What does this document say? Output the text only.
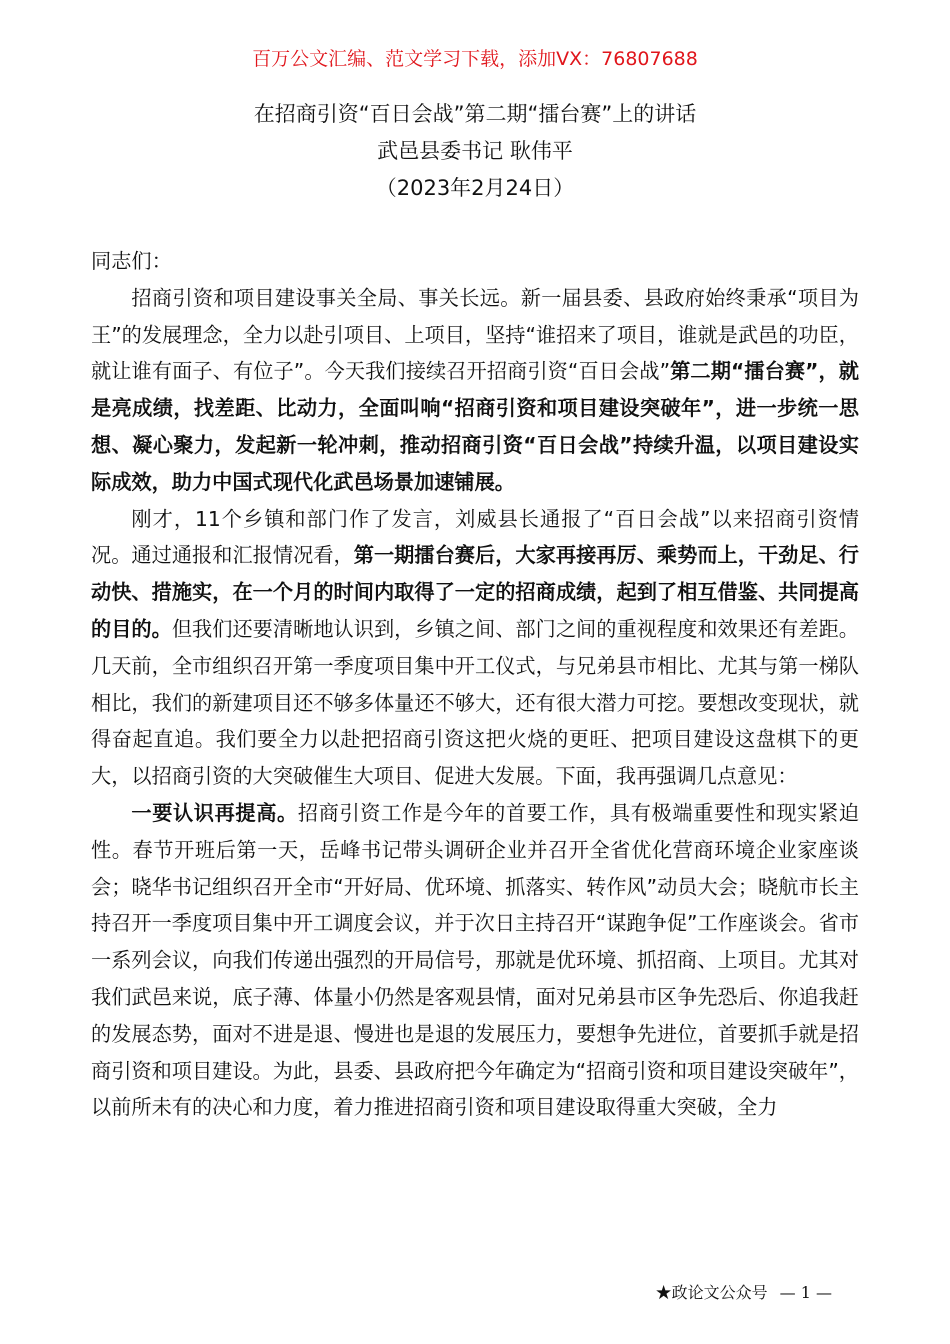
百万公文汇编、范文学习下载，添加VX：76807688
在招商引资“百日会战”第二期“擂台赛”上的讲话
武邑县委书记 耿伟平
（2023年2月24日）

同志们：

招商引资和项目建设事关全局、事关长远。新一届县委、县政府始终秉承“项目为王”的发展理念，全力以赴引项目、上项目，坚持“谁招来了项目，谁就是武邑的功臣，就让谁有面子、有位子”。今天我们接续召开招商引资“百日会战”第二期“擂台赛”，就是亮成绩，找差距、比动力，全面叫响“招商引资和项目建设突破年”，进一步统一思想、凝心聚力，发起新一轮冲刺，推动招商引资“百日会战”持续升温，以项目建设实际成效，助力中国式现代化武邑场景加速铺展。

刚才，11个乡镇和部门作了发言，刘威县长通报了“百日会战”以来招商引资情况。通过通报和汇报情况看，第一期擂台赛后，大家再接再厉、乘势而上，干劲足、行动快、措施实，在一个月的时间内取得了一定的招商成绩，起到了相互借鉴、共同提高的目的。但我们还要清晰地认识到，乡镇之间、部门之间的重视程度和效果还有差距。几天前，全市组织召开第一季度项目集中开工仪式，与兄弟县市相比、尤其与第一梯队相比，我们的新建项目还不够多体量还不够大，还有很大潜力可挖。要想改变现状，就得奋起直追。我们要全力以赴把招商引资这把火烧的更旺、把项目建设这盘棋下的更大，以招商引资的大突破催生大项目、促进大发展。下面，我再强调几点意见：

一要认识再提高。招商引资工作是今年的首要工作，具有极端重要性和现实紧迫性。春节开班后第一天，岳峰书记带头调研企业并召开全省优化营商环境企业家座谈会；晓华书记组织召开全市“开好局、优环境、抓落实、转作风”动员大会；晓航市长主持召开一季度项目集中开工调度会议，并于次日主持召开“谋跑争促”工作座谈会。省市一系列会议，向我们传递出强烈的开局信号，那就是优环境、抓招商、上项目。尤其对我们武邑来说，底子薄、体量小仍然是客观县情，面对兄弟县市区争先恐后、你追我赶的发展态势，面对不进是退、慢进也是退的发展压力，要想争先进位，首要抓手就是招商引资和项目建设。为此，县委、县政府把今年确定为“招商引资和项目建设突破年”，以前所未有的决心和力度，着力推进招商引资和项目建设取得重大突破，全力

★政论文公众号 — 1 —
